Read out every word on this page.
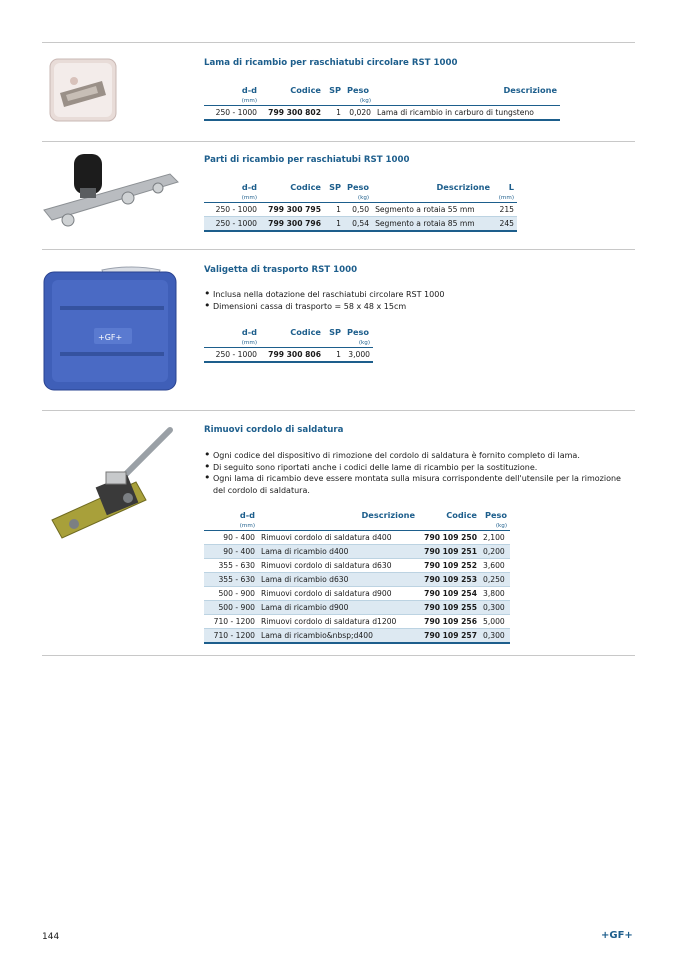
Lama di ricambio per raschiatubi circolare RST 1000
d-d	Codice	SP	Peso	Descrizione
(mm)			(kg)	
250 - 1000	799 300 802	1	0,020	Lama di ricambio in carburo di tungsteno
Parti di ricambio per raschiatubi RST 1000
d-d	Codice	SP	Peso	Descrizione	L
(mm)			(kg)		(mm)
250 - 1000	799 300 795	1	0,50	Segmento a rotaia 55 mm	215
250 - 1000	799 300 796	1	0,54	Segmento a rotaia 85 mm	245
+GF+
Valigetta di trasporto RST 1000
• Inclusa nella dotazione del raschiatubi circolare RST 1000
• Dimensioni cassa di trasporto = 58 x 48 x 15cm
d-d	Codice	SP	Peso
(mm)			(kg)
250 - 1000	799 300 806	1	3,000
Rimuovi cordolo di saldatura
• Ogni codice del dispositivo di rimozione del cordolo di saldatura è fornito completo di lama.
• Di seguito sono riportati anche i codici delle lame di ricambio per la sostituzione.
• Ogni lama di ricambio deve essere montata sulla misura corrispondente dell'utensile per la rimozione del cordolo di saldatura.
d-d	Descrizione	Codice	Peso
(mm)			(kg)
90 - 400	Rimuovi cordolo di saldatura d400	790 109 250	2,100
90 - 400	Lama di ricambio d400	790 109 251	0,200
355 - 630	Rimuovi cordolo di saldatura d630	790 109 252	3,600
355 - 630	Lama di ricambio d630	790 109 253	0,250
500 - 900	Rimuovi cordolo di saldatura d900	790 109 254	3,800
500 - 900	Lama di ricambio d900	790 109 255	0,300
710 - 1200	Rimuovi cordolo di saldatura d1200	790 109 256	5,000
710 - 1200	Lama di ricambio&nbsp;d400	790 109 257	0,300
144	+GF+
